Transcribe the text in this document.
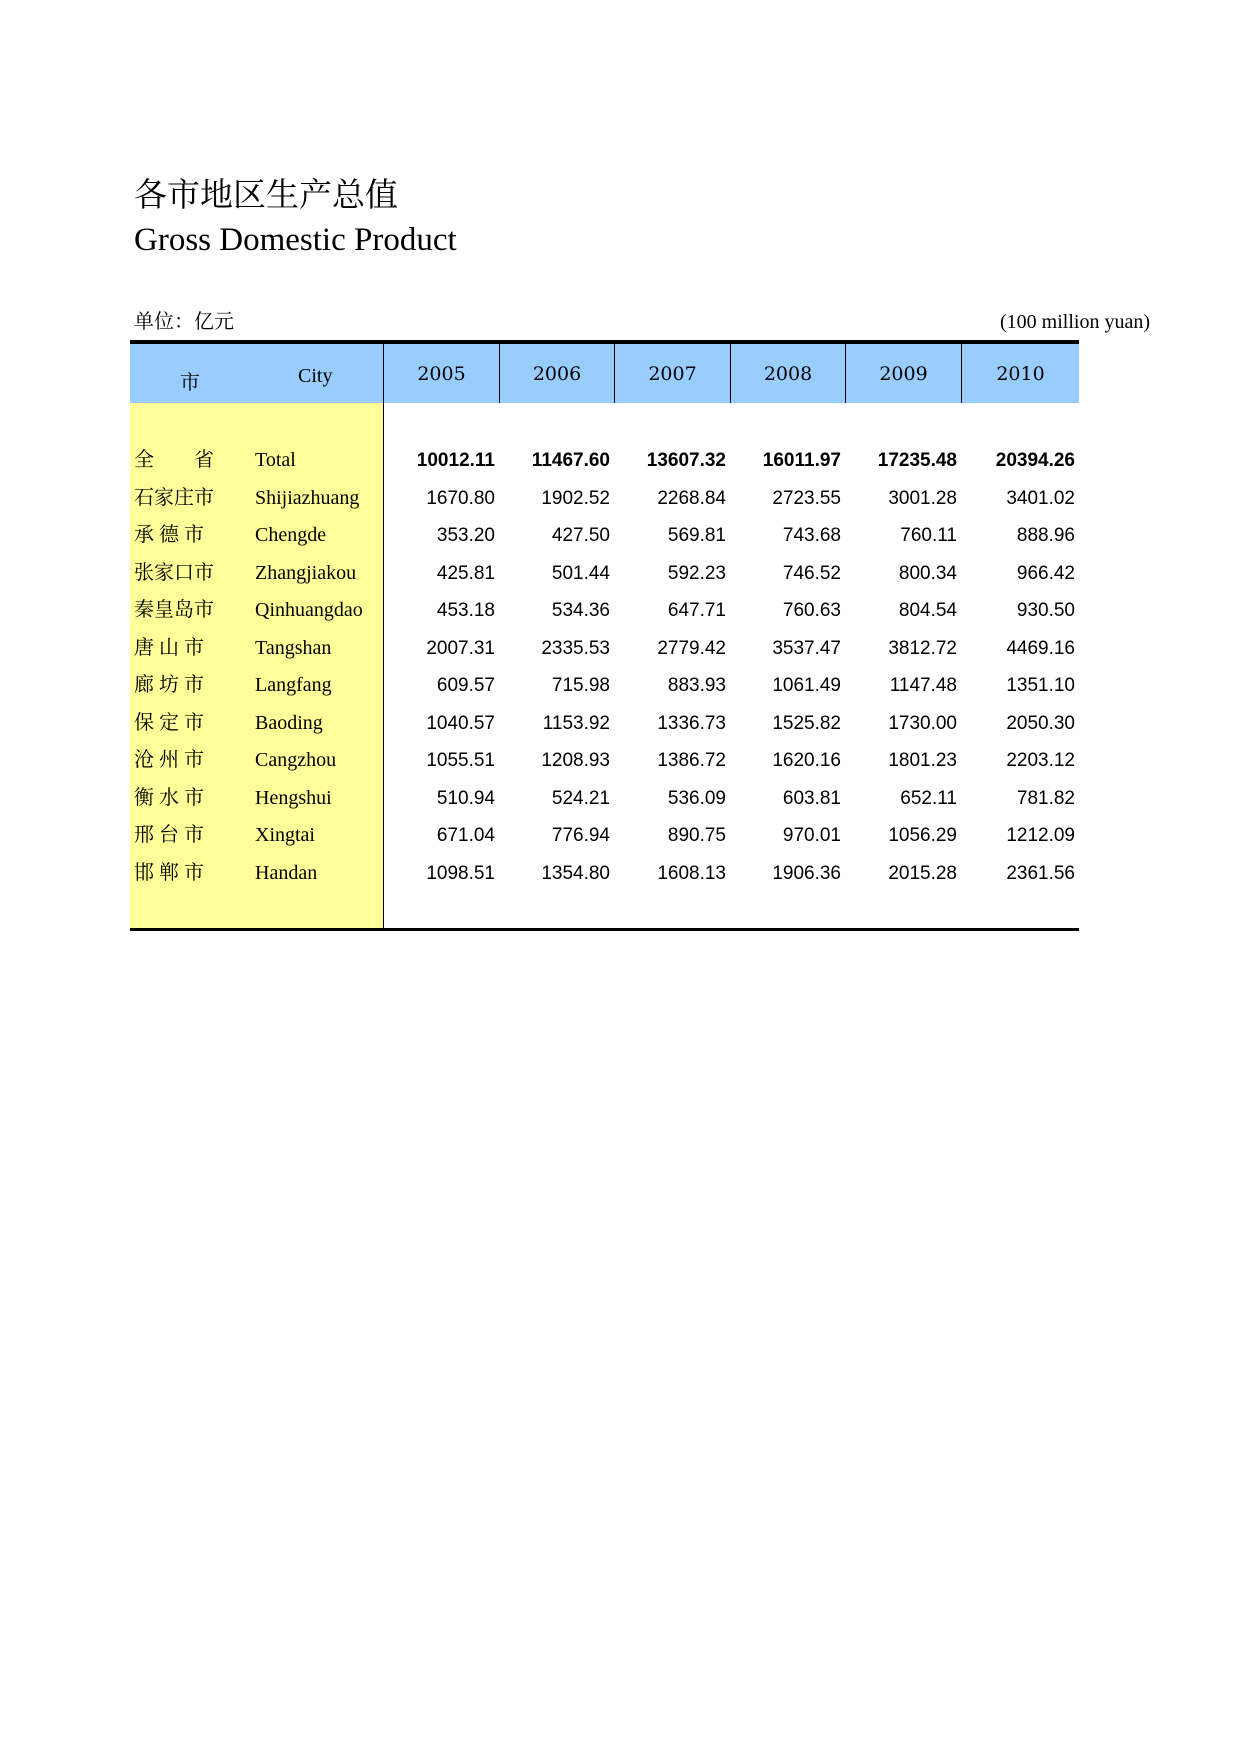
各市地区生产总值
Gross Domestic Product
单位：亿元	(100 million yuan)
市	City	2005	2006	2007	2008	2009	2010
全　　省 Total	10012.11	11467.60	13607.32	16011.97	17235.48	20394.26
石家庄市 Shijiazhuang	1670.80	1902.52	2268.84	2723.55	3001.28	3401.02
承 德 市	Chengde	353.20	427.50	569.81	743.68	760.11	888.96
张家口市 Zhangjiakou	425.81	501.44	592.23	746.52	800.34	966.42
秦皇岛市 Qinhuangdao	453.18	534.36	647.71	760.63	804.54	930.50
唐 山 市	Tangshan	2007.31	2335.53	2779.42	3537.47	3812.72	4469.16
廊 坊 市	Langfang	609.57	715.98	883.93	1061.49	1147.48	1351.10
保 定 市	Baoding	1040.57	1153.92	1336.73	1525.82	1730.00	2050.30
沧 州 市	Cangzhou	1055.51	1208.93	1386.72	1620.16	1801.23	2203.12
衡 水 市	Hengshui	510.94	524.21	536.09	603.81	652.11	781.82
邢 台 市	Xingtai	671.04	776.94	890.75	970.01	1056.29	1212.09
邯 郸 市	Handan	1098.51	1354.80	1608.13	1906.36	2015.28	2361.56
